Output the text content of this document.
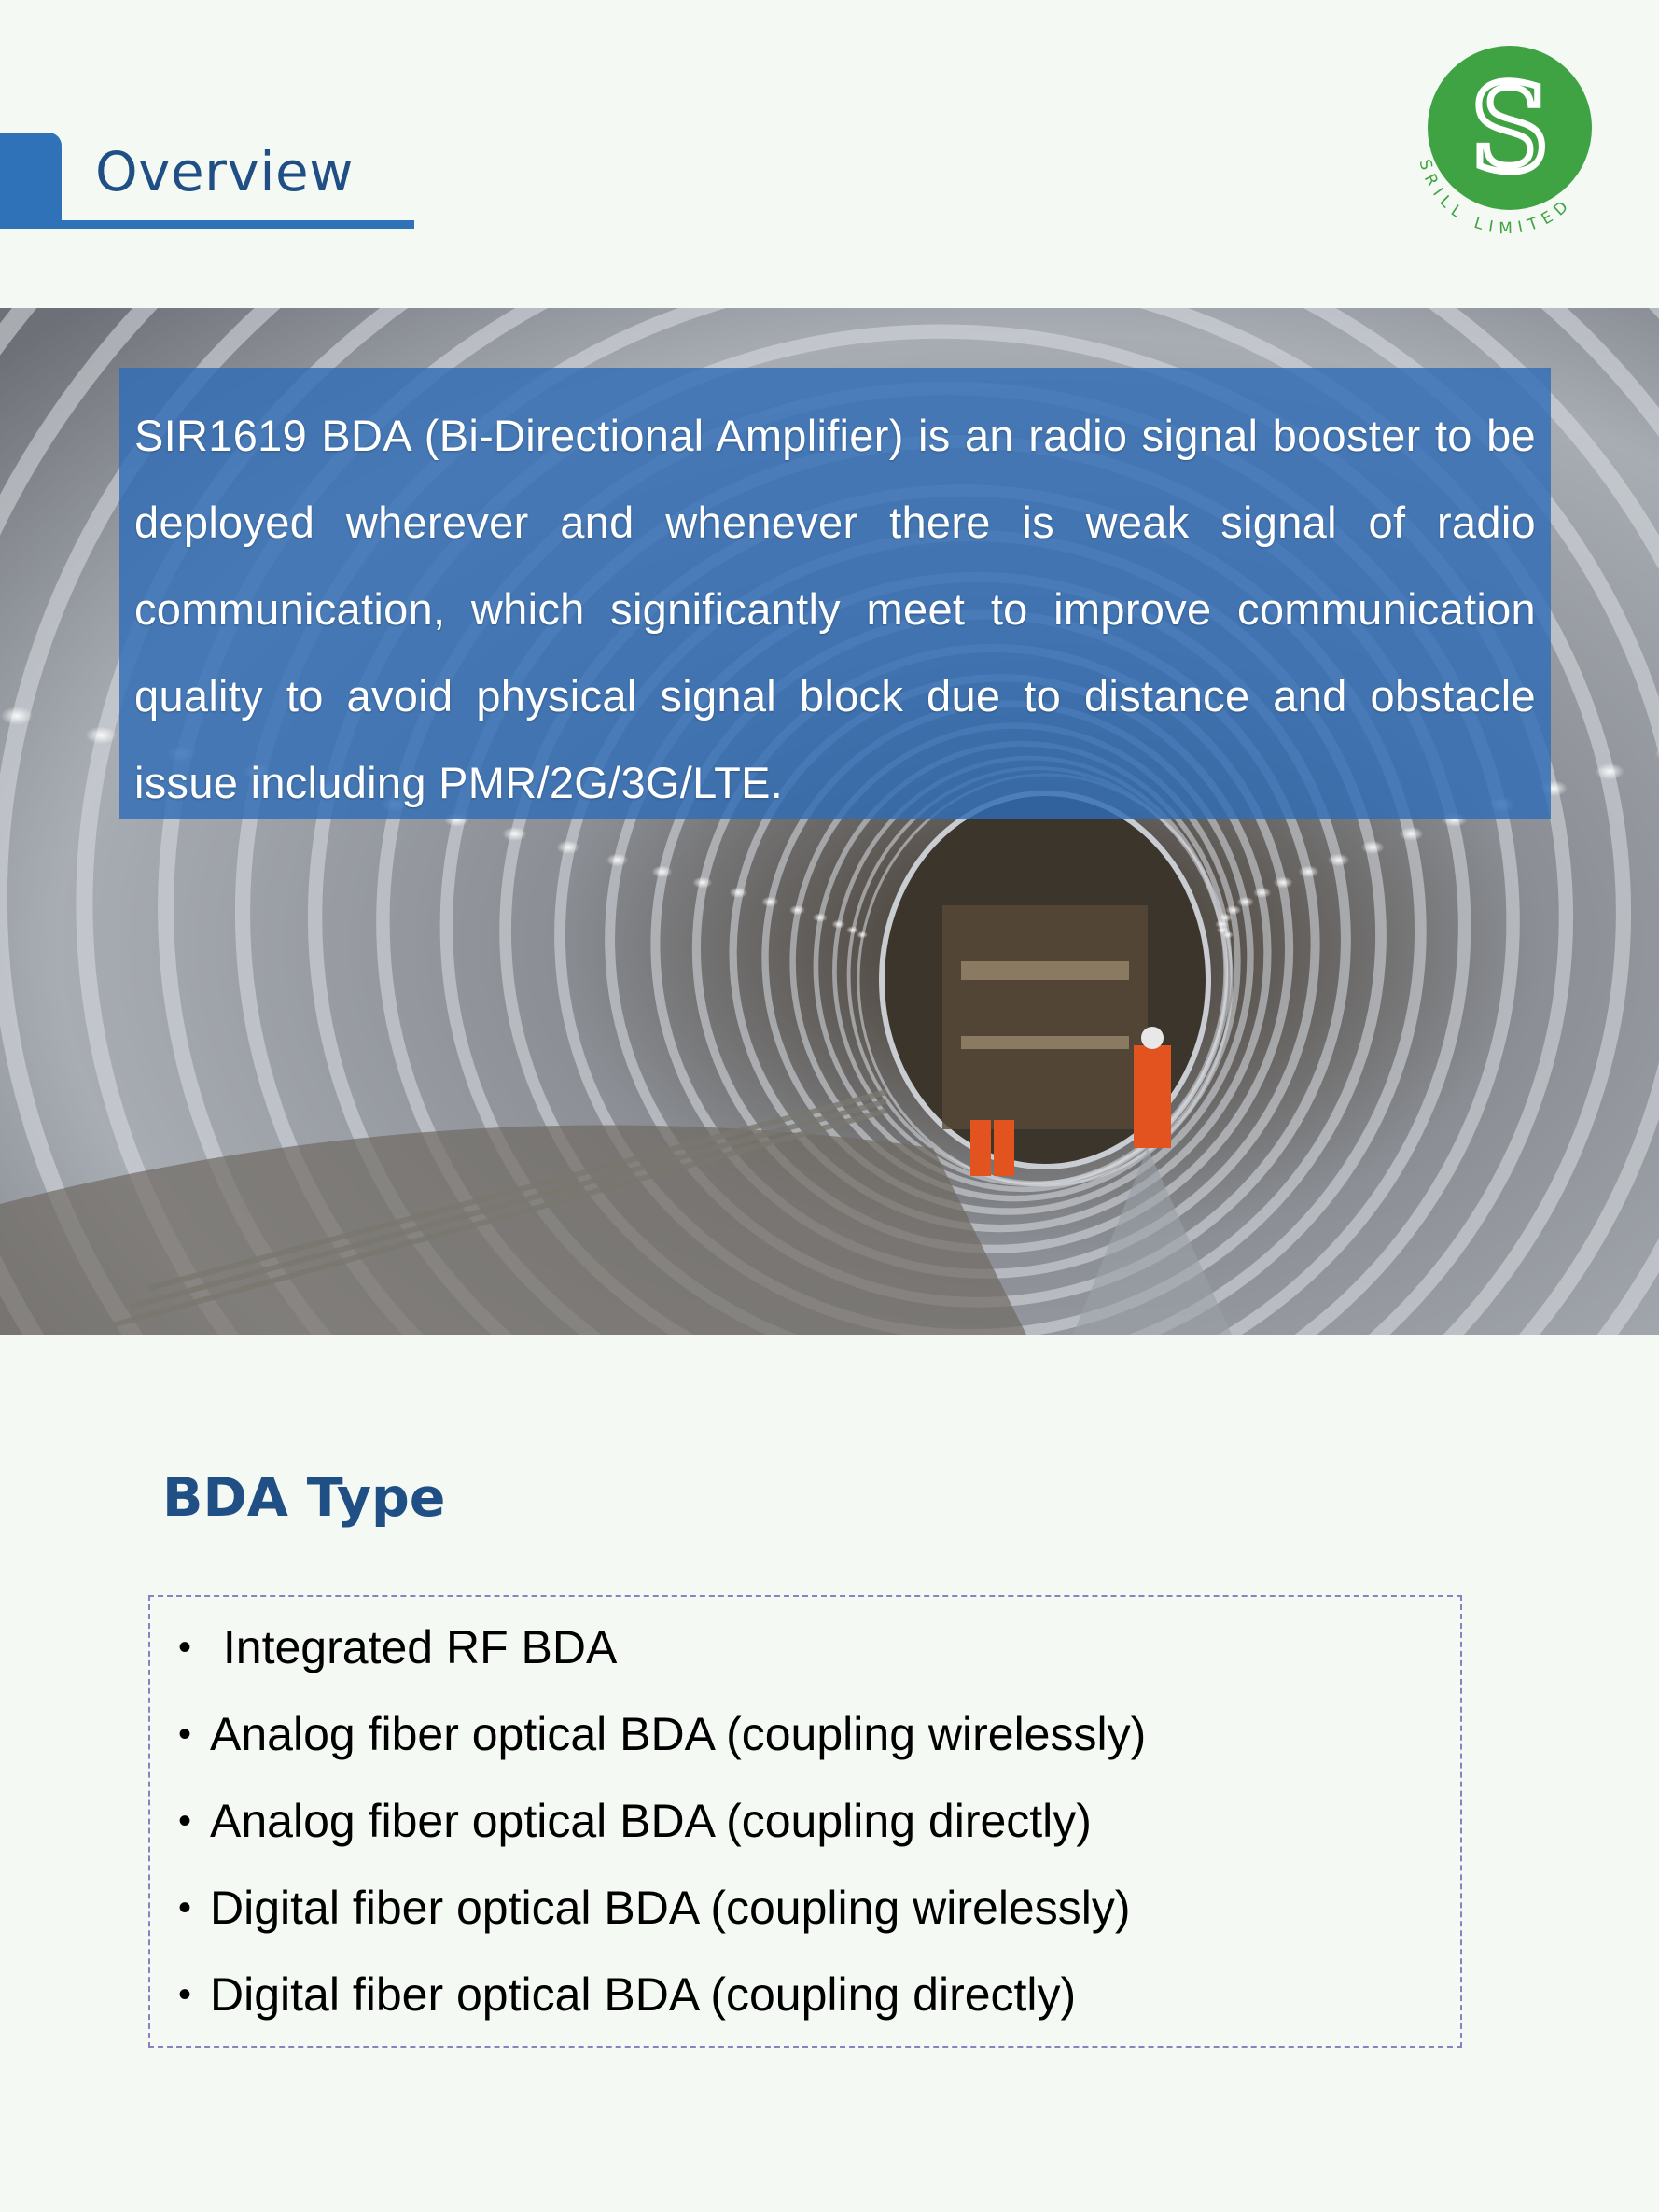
Overview	S
SRILL LIMITED

SIR1619 BDA (Bi-Directional Amplifier) is an radio signal booster to be deployed wherever and whenever there is weak signal of radio communication, which significantly meet to improve communication quality to avoid physical signal block due to distance and obstacle issue including PMR/2G/3G/LTE.

BDA Type
• Integrated RF BDA
• Analog fiber optical BDA (coupling wirelessly)
• Analog fiber optical BDA (coupling directly)
• Digital fiber optical BDA (coupling wirelessly)
• Digital fiber optical BDA (coupling directly)
